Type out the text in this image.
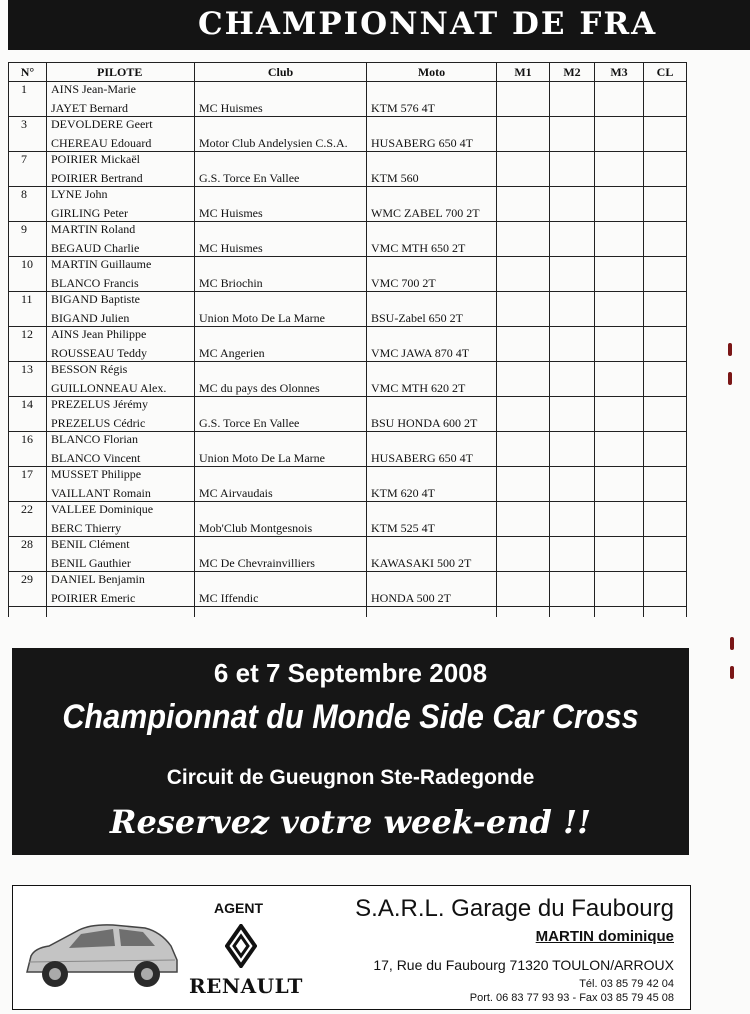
CHAMPIONNAT DE FRA
N°	PILOTE	Club	Moto	M1	M2	M3	CL
1	AINS Jean-Marie						
	JAYET Bernard	MC Huismes	KTM 576 4T				
3	DEVOLDERE Geert						
	CHEREAU Edouard	Motor Club Andelysien C.S.A.	HUSABERG 650 4T				
7	POIRIER Mickaël						
	POIRIER Bertrand	G.S. Torce En Vallee	KTM 560				
8	LYNE John						
	GIRLING Peter	MC Huismes	WMC ZABEL 700 2T				
9	MARTIN Roland						
	BEGAUD Charlie	MC Huismes	VMC MTH 650 2T				
10	MARTIN Guillaume						
	BLANCO Francis	MC Briochin	VMC 700 2T				
11	BIGAND Baptiste						
	BIGAND Julien	Union Moto De La Marne	BSU-Zabel 650 2T				
12	AINS Jean Philippe						
	ROUSSEAU Teddy	MC Angerien	VMC JAWA 870 4T				
13	BESSON Régis						
	GUILLONNEAU Alex.	MC du pays des Olonnes	VMC MTH 620 2T				
14	PREZELUS Jérémy						
	PREZELUS Cédric	G.S. Torce En Vallee	BSU HONDA 600 2T				
16	BLANCO Florian						
	BLANCO Vincent	Union Moto De La Marne	HUSABERG 650 4T				
17	MUSSET Philippe						
	VAILLANT Romain	MC Airvaudais	KTM 620 4T				
22	VALLEE Dominique						
	BERC Thierry	Mob'Club Montgesnois	KTM 525 4T				
28	BENIL Clément						
	BENIL Gauthier	MC De Chevrainvilliers	KAWASAKI 500 2T				
29	DANIEL Benjamin						
	POIRIER Emeric	MC Iffendic	HONDA 500 2T				

6 et 7 Septembre 2008
Championnat du Monde Side Car Cross
Circuit de Gueugnon Ste-Radegonde
Reservez votre week-end !!
AGENT
RENAULT
S.A.R.L. Garage du Faubourg
MARTIN dominique
17, Rue du Faubourg 71320 TOULON/ARROUX
Tél. 03 85 79 42 04
Port. 06 83 77 93 93 - Fax 03 85 79 45 08
